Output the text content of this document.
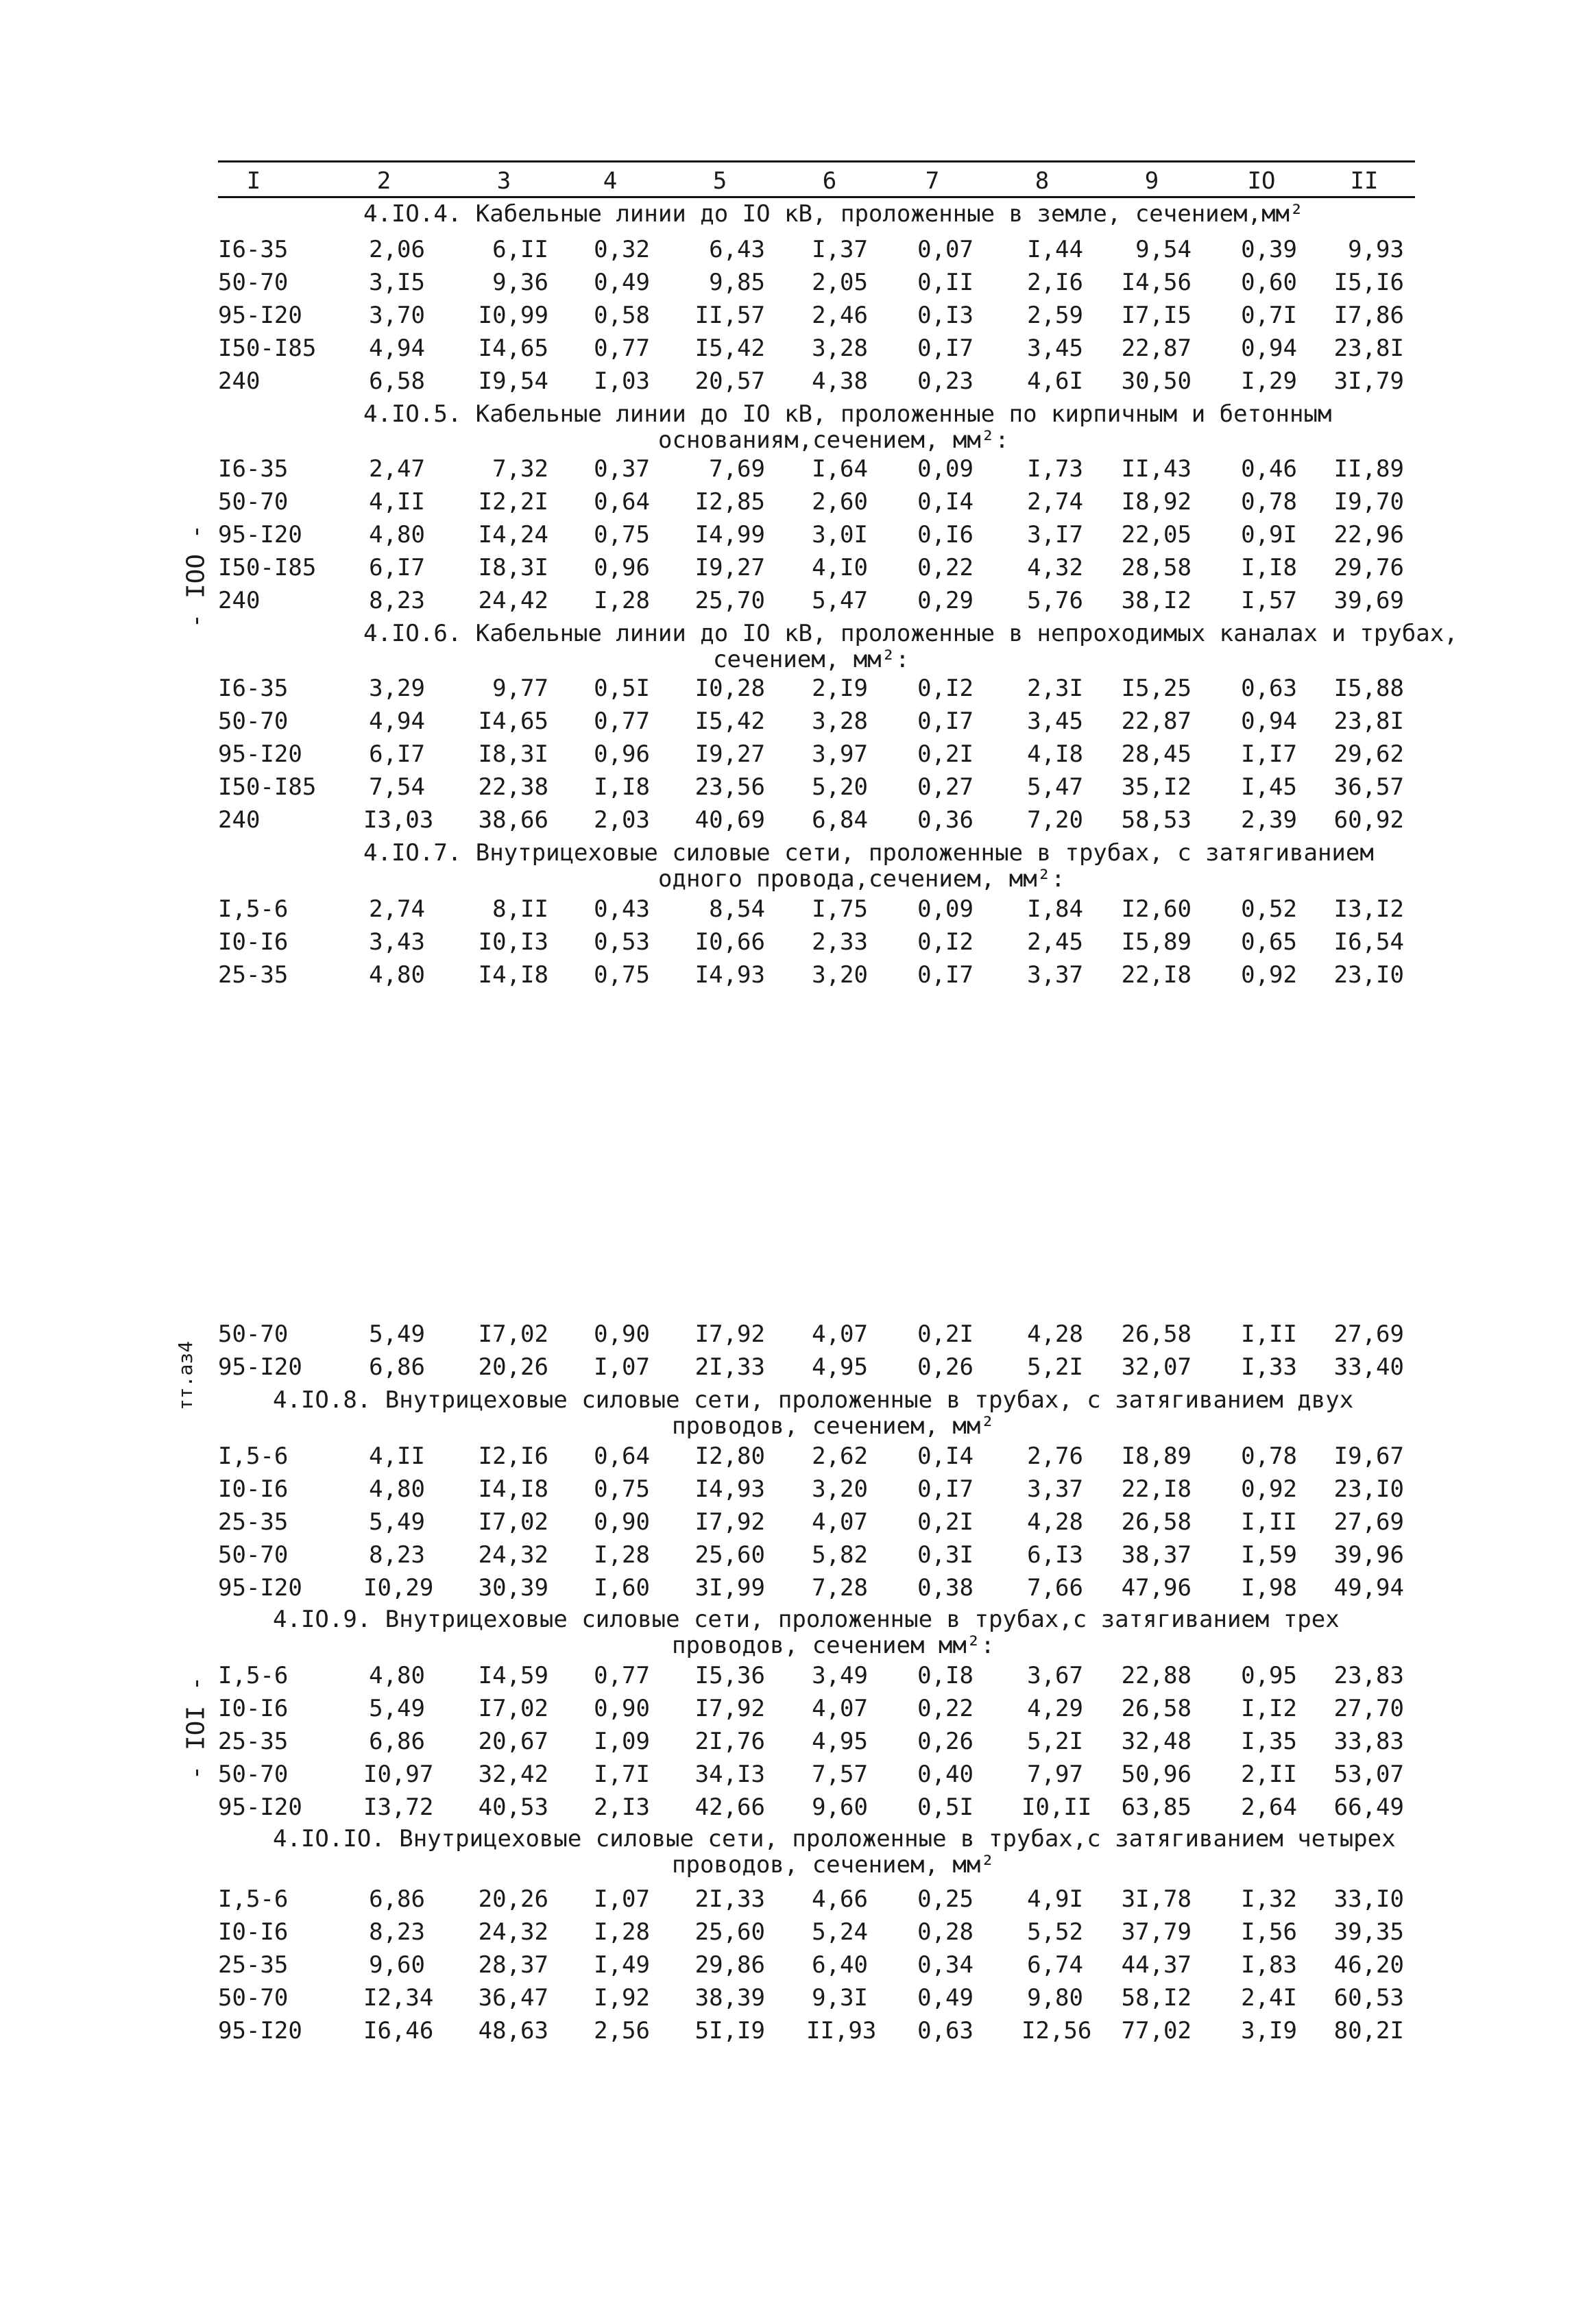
I	2	3	4	5	6	7	8	9	IO	II
4.IO.4. Кабельные линии до IO кВ, проложенные в земле, сечением,мм²
I6-35	2,06	6,II 0,32	6,43 I,37 0,07 I,44	9,54 0,39	9,93
50-70	3,I5	9,36 0,49	9,85 2,05 0,II 2,I6	I4,56 0,60	I5,I6
95-I20	3,70 I0,99 0,58 II,57 2,46 0,I3 2,59	I7,I5 0,7I	I7,86
I50-I85 4,94 I4,65 0,77 I5,42 3,28 0,I7 3,45	22,87 0,94	23,8I
240	6,58 I9,54 I,03 20,57 4,38 0,23 4,6I	30,50 I,29	3I,79
4.IO.5. Кабельные линии до IO кВ, проложенные по кирпичным и бетонным
основаниям,сечением, мм²:
I6-35	2,47	7,32 0,37	7,69 I,64 0,09 I,73	II,43 0,46	II,89
50-70	4,II I2,2I 0,64 I2,85 2,60 0,I4 2,74	I8,92 0,78	I9,70
95-I20	4,80 I4,24 0,75 I4,99 3,0I 0,I6 3,I7	22,05 0,9I	22,96
I50-I85 6,I7 I8,3I 0,96 I9,27 4,I0 0,22 4,32	28,58 I,I8	29,76
240	8,23 24,42 I,28 25,70 5,47 0,29 5,76	38,I2 I,57	39,69
4.IO.6. Кабельные линии до IO кВ, проложенные в непроходимых каналах и трубах,
сечением, мм²:
I6-35	3,29	9,77 0,5I I0,28 2,I9 0,I2 2,3I	I5,25 0,63	I5,88
50-70	4,94 I4,65 0,77 I5,42 3,28 0,I7 3,45	22,87 0,94	23,8I
95-I20	6,I7 I8,3I 0,96 I9,27 3,97 0,2I 4,I8	28,45 I,I7	29,62
I50-I85 7,54 22,38 I,I8 23,56 5,20 0,27 5,47	35,I2 I,45	36,57
240	I3,03 38,66 2,03 40,69 6,84 0,36 7,20	58,53 2,39	60,92
4.IO.7. Внутрицеховые силовые сети, проложенные в трубах, с затягиванием
одного провода,сечением, мм²:
I,5-6	2,74	8,II 0,43	8,54 I,75 0,09 I,84	I2,60 0,52	I3,I2
I0-I6	3,43 I0,I3 0,53 I0,66 2,33 0,I2 2,45	I5,89 0,65	I6,54
25-35	4,80 I4,I8 0,75 I4,93 3,20 0,I7 3,37	22,I8 0,92	23,I0
50-70	5,49 I7,02 0,90 I7,92 4,07 0,2I 4,28	26,58 I,II	27,69
95-I20	6,86 20,26 I,07 2I,33 4,95 0,26 5,2I	32,07 I,33	33,40
4.IO.8. Внутрицеховые силовые сети, проложенные в трубах, с затягиванием двух
проводов, сечением, мм²
I,5-6	4,II I2,I6 0,64 I2,80 2,62 0,I4 2,76	I8,89 0,78	I9,67
I0-I6	4,80 I4,I8 0,75 I4,93 3,20 0,I7 3,37	22,I8 0,92	23,I0
25-35	5,49 I7,02 0,90 I7,92 4,07 0,2I 4,28	26,58 I,II	27,69
50-70	8,23 24,32 I,28 25,60 5,82 0,3I 6,I3	38,37 I,59	39,96
95-I20	I0,29 30,39 I,60 3I,99 7,28 0,38 7,66	47,96 I,98	49,94
4.IO.9. Внутрицеховые силовые сети, проложенные в трубах,с затягиванием трех
проводов, сечением мм²:
I,5-6	4,80 I4,59 0,77 I5,36 3,49 0,I8 3,67	22,88 0,95	23,83
I0-I6	5,49 I7,02 0,90 I7,92 4,07 0,22 4,29	26,58 I,I2	27,70
25-35	6,86 20,67 I,09 2I,76 4,95 0,26 5,2I	32,48 I,35	33,83
50-70	I0,97 32,42 I,7I 34,I3 7,57 0,40 7,97	50,96 2,II	53,07
95-I20	I3,72 40,53 2,I3 42,66 9,60 0,5I I0,II	63,85 2,64	66,49
4.IO.IO. Внутрицеховые силовые сети, проложенные в трубах,с затягиванием четырех
проводов, сечением, мм²
I,5-6	6,86 20,26 I,07 2I,33 4,66 0,25 4,9I	3I,78 I,32	33,I0
I0-I6	8,23 24,32 I,28 25,60 5,24 0,28 5,52	37,79 I,56	39,35
25-35	9,60 28,37 I,49 29,86 6,40 0,34 6,74	44,37 I,83	46,20
50-70	I2,34 36,47 I,92 38,39 9,3I 0,49 9,80	58,I2 2,4I	60,53
95-I20	I6,46 48,63 2,56 5I,I9 II,93 0,63 I2,56	77,02 3,I9	80,2I
- IOO -
- IOI -
тт.аз4
